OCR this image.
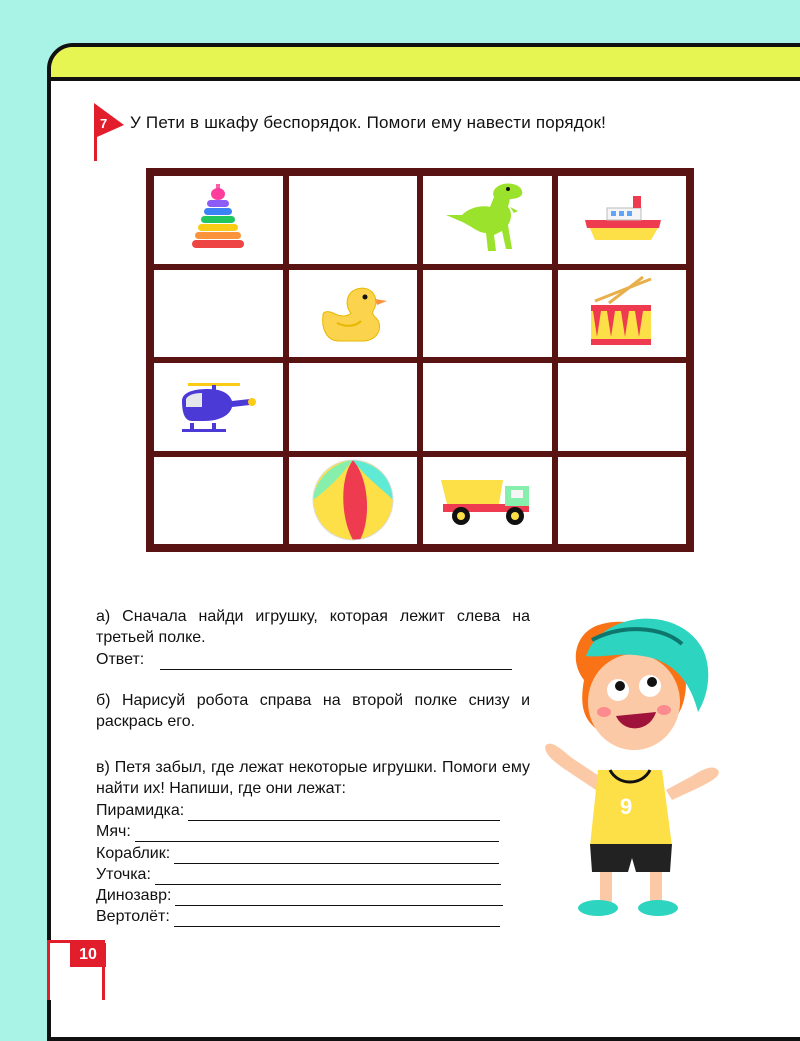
7 У Пети в шкафу беспорядок. Помоги ему навести порядок!
а) Сначала найди игрушку, которая лежит слева на третьей полке.
Ответ:
б) Нарисуй робота справа на второй полке снизу и раскрась его.
в) Петя забыл, где лежат некоторые игрушки. Помоги ему найти их! Напиши, где они лежат:
Пирамидка:
Мяч:
Кораблик:
Уточка:
Динозавр:
Вертолёт:
9
10
